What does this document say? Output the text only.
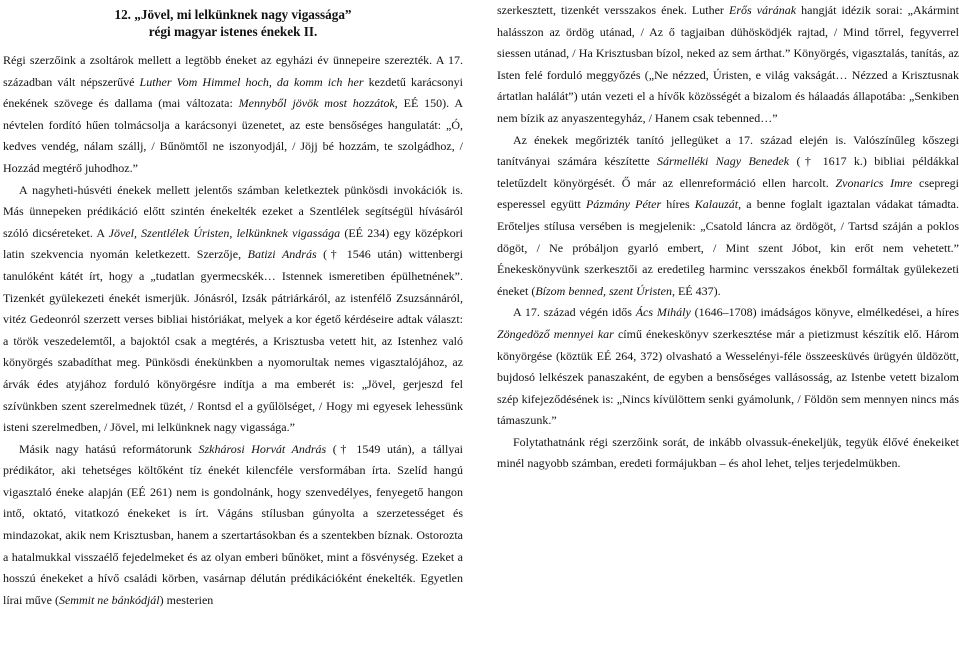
12. „Jövel, mi lelkünknek nagy vigassága”
régi magyar istenes énekek II.

Régi szerzőink a zsoltárok mellett a legtöbb éneket az egyházi év ünnepeire szerezték. A 17. században vált népszerűvé Luther Vom Himmel hoch, da komm ich her kezdetű karácsonyi énekének szövege és dallama (mai változata: Mennyből jövök most hozzátok, EÉ 150). A névtelen fordító hűen tolmácsolja a karácsonyi üzenetet, az este bensőséges hangulatát: „Ó, kedves vendég, nálam szállj, / Bűnömtől ne iszonyodjál, / Jöjj bé hozzám, te szolgádhoz, / Hozzád megtérő juhodhoz.”

A nagyheti-húsvéti énekek mellett jelentős számban keletkeztek pünkösdi invokációk is. Más ünnepeken prédikáció előtt szintén énekelték ezeket a Szentlélek segítségül hívásáról szóló dicséreteket. A Jövel, Szentlélek Úristen, lelkünknek vigassága (EÉ 234) egy középkori latin szekvencia nyomán keletkezett. Szerzője, Batizi András († 1546 után) wittenbergi tanulóként kátét írt, hogy a „tudatlan gyermecskék… Istennek ismeretiben épülhetnének”. Tizenkét gyülekezeti énekét ismerjük. Jónásról, Izsák pátriárkáról, az istenfélő Zsuzsánnáról, vitéz Gedeonról szerzett verses bibliai históriákat, melyek a kor égető kérdéseire adtak választ: a török veszedelemtől, a bajoktól csak a megtérés, a Krisztusba vetett hit, az Istenhez való könyörgés szabadíthat meg. Pünkösdi énekünkben a nyomorultak nemes vigasztalójához, az árvák édes atyjához forduló könyörgésre indítja a ma emberét is: „Jövel, gerjeszd fel szívünkben szent szerelmednek tüzét, / Rontsd el a gyűlölséget, / Hogy mi egyesek lehessünk isteni szerelmedben, / Jövel, mi lelkünknek nagy vigassága.”

Másik nagy hatású reformátorunk Szkhárosi Horvát András († 1549 után), a tállyai prédikátor, aki tehetséges költőként tíz énekét kilencféle versformában írta. Szelíd hangú vigasztaló éneke alapján (EÉ 261) nem is gondolnánk, hogy szenvedélyes, fenyegető hangon intő, oktató, vitatkozó énekeket is írt. Vágáns stílusban gúnyolta a szerzetességet és mindazokat, akik nem Krisztusban, hanem a szertartásokban és a szentekben bíznak. Ostorozta a hatalmukkal visszaélő fejedelmeket és az olyan emberi bűnöket, mint a fösvénység. Ezeket a hosszú énekeket a hívő családi körben, vasárnap délután prédikációként énekelték. Egyetlen lírai műve (Semmit ne bánkódjál) mesterien

szerkesztett, tizenkét versszakos ének. Luther Erős várának hangját idézik sorai: „Akármint halásszon az ördög utánad, / Az ő tagjaiban dühösködjék rajtad, / Mind tőrrel, fegyverrel siessen utánad, / Ha Krisztusban bízol, neked az sem árthat.” Könyörgés, vigasztalás, tanítás, az Isten felé forduló meggyőzés („Ne nézzed, Úristen, e világ vakságát… Nézzed a Krisztusnak ártatlan halálát”) után vezeti el a hívők közösségét a bizalom és hálaadás állapotába: „Senkiben nem bízik az anyaszentegyház, / Hanem csak tebenned…”

Az énekek megőrizték tanító jellegüket a 17. század elején is. Valószínűleg kőszegi tanítványai számára készítette Sármelléki Nagy Benedek († 1617 k.) bibliai példákkal teletűzdelt könyörgését. Ő már az ellenreformáció ellen harcolt. Zvonarics Imre csepregi esperessel együtt Pázmány Péter híres Kalauzát, a benne foglalt igaztalan vádakat támadta. Erőteljes stílusa versében is megjelenik: „Csatold láncra az ördögöt, / Tartsd száján a poklos dögöt, / Ne próbáljon gyarló embert, / Mint szent Jóbot, kin erőt nem vehetett.” Énekeskönyvünk szerkesztői az eredetileg harminc versszakos énekből formáltak gyülekezeti éneket (Bízom benned, szent Úristen, EÉ 437).

A 17. század végén idős Ács Mihály (1646–1708) imádságos könyve, elmélkedései, a híres Zöngedöző mennyei kar című énekeskönyv szerkesztése már a pietizmust készítik elő. Három könyörgése (köztük EÉ 264, 372) olvasható a Wesselényi-féle összeesküvés ürügyén üldözött, bujdosó lelkészek panaszaként, de egyben a bensőséges vallásosság, az Istenbe vetett bizalom szép kifejeződésének is: „Nincs kívülöttem senki gyámolunk, / Földön sem mennyen nincs más támaszunk.”

Folytathatnánk régi szerzőink sorát, de inkább olvassuk-énekeljük, tegyük élővé énekeiket minél nagyobb számban, eredeti formájukban – és ahol lehet, teljes terjedelmükben.
